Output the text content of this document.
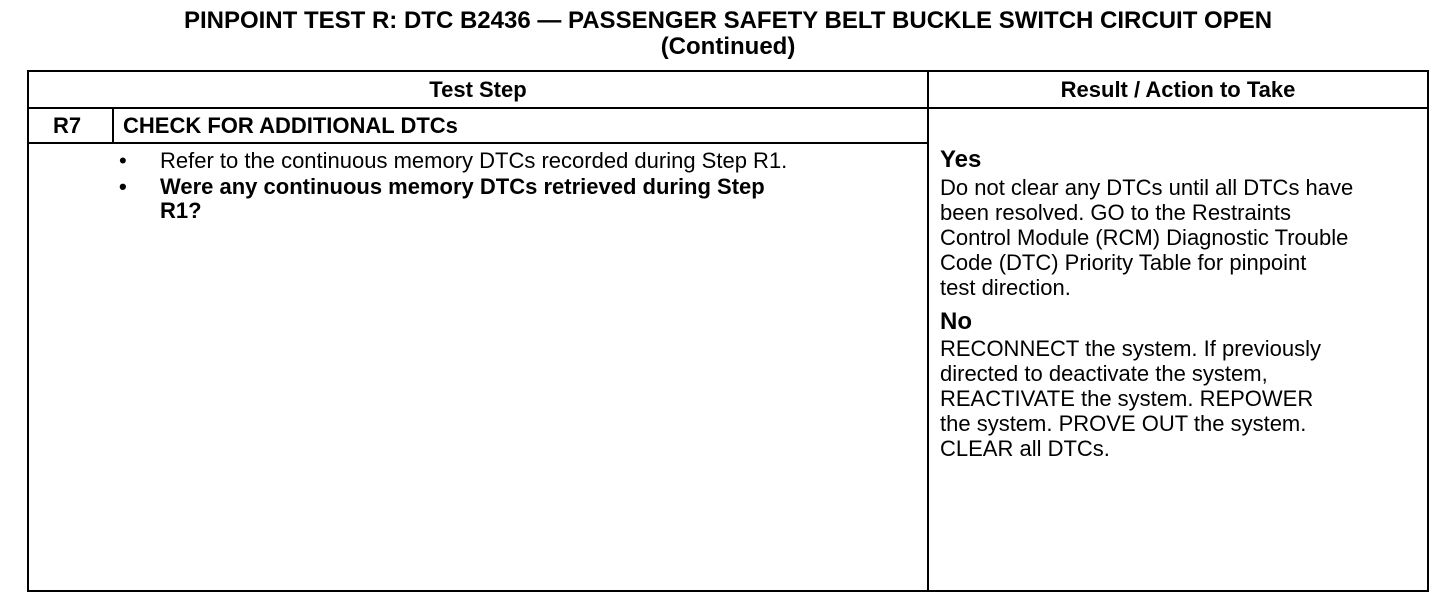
PINPOINT TEST R: DTC B2436 — PASSENGER SAFETY BELT BUCKLE SWITCH CIRCUIT OPEN
(Continued)
Test Step	Result / Action to Take
R7 CHECK FOR ADDITIONAL DTCs
• Refer to the continuous memory DTCs recorded during Step R1.
• Were any continuous memory DTCs retrieved during Step
R1?
Yes
Do not clear any DTCs until all DTCs have
been resolved. GO to the Restraints
Control Module (RCM) Diagnostic Trouble
Code (DTC) Priority Table for pinpoint
test direction.
No
RECONNECT the system. If previously
directed to deactivate the system,
REACTIVATE the system. REPOWER
the system. PROVE OUT the system.
CLEAR all DTCs.
